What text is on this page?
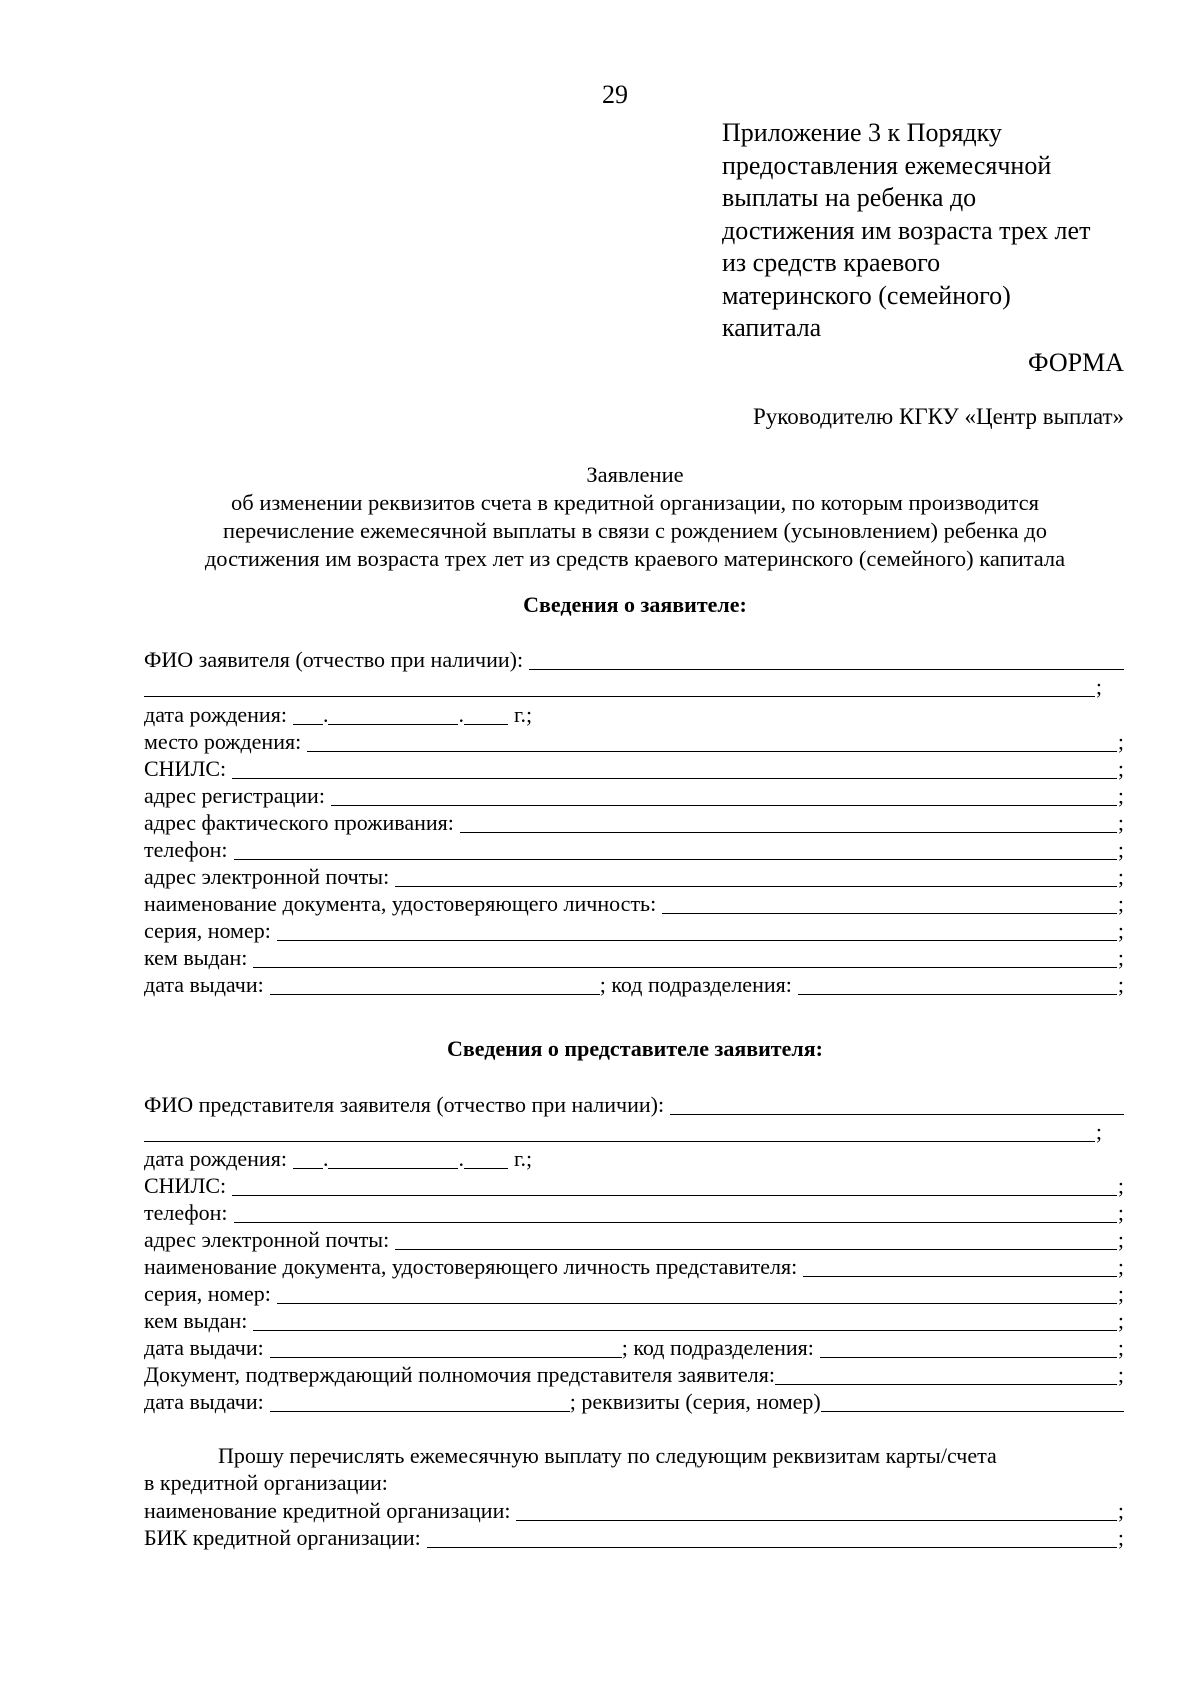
29
Приложение 3 к Порядку
предоставления ежемесячной
выплаты на ребенка до
достижения им возраста трех лет
из средств краевого
материнского (семейного)
капитала
ФОРМА
Руководителю КГКУ «Центр выплат»
Заявление
об изменении реквизитов счета в кредитной организации, по которым производится
перечисление ежемесячной выплаты в связи с рождением (усыновлением) ребенка до
достижения им возраста трех лет из средств краевого материнского (семейного) капитала
Сведения о заявителе:
ФИО заявителя (отчество при наличии):
;
дата рождения: .	. г.;
место рождения:	;
СНИЛС:	;
адрес регистрации:	;
адрес фактического проживания:	;
телефон:	;
адрес электронной почты:	;
наименование документа, удостоверяющего личность:	;
серия, номер:	;
кем выдан:	;
дата выдачи:	; код подразделения:	;
Сведения о представителе заявителя:
ФИО представителя заявителя (отчество при наличии):
;
дата рождения: .	. г.;
СНИЛС:	;
телефон:	;
адрес электронной почты:	;
наименование документа, удостоверяющего личность представителя:	;
серия, номер:	;
кем выдан:	;
дата выдачи:	; код подразделения:	;
Документ, подтверждающий полномочия представителя заявителя:	;
дата выдачи:	; реквизиты (серия, номер)
Прошу перечислять ежемесячную выплату по следующим реквизитам карты/счета
в кредитной организации:
наименование кредитной организации:	;
БИК кредитной организации:	;
